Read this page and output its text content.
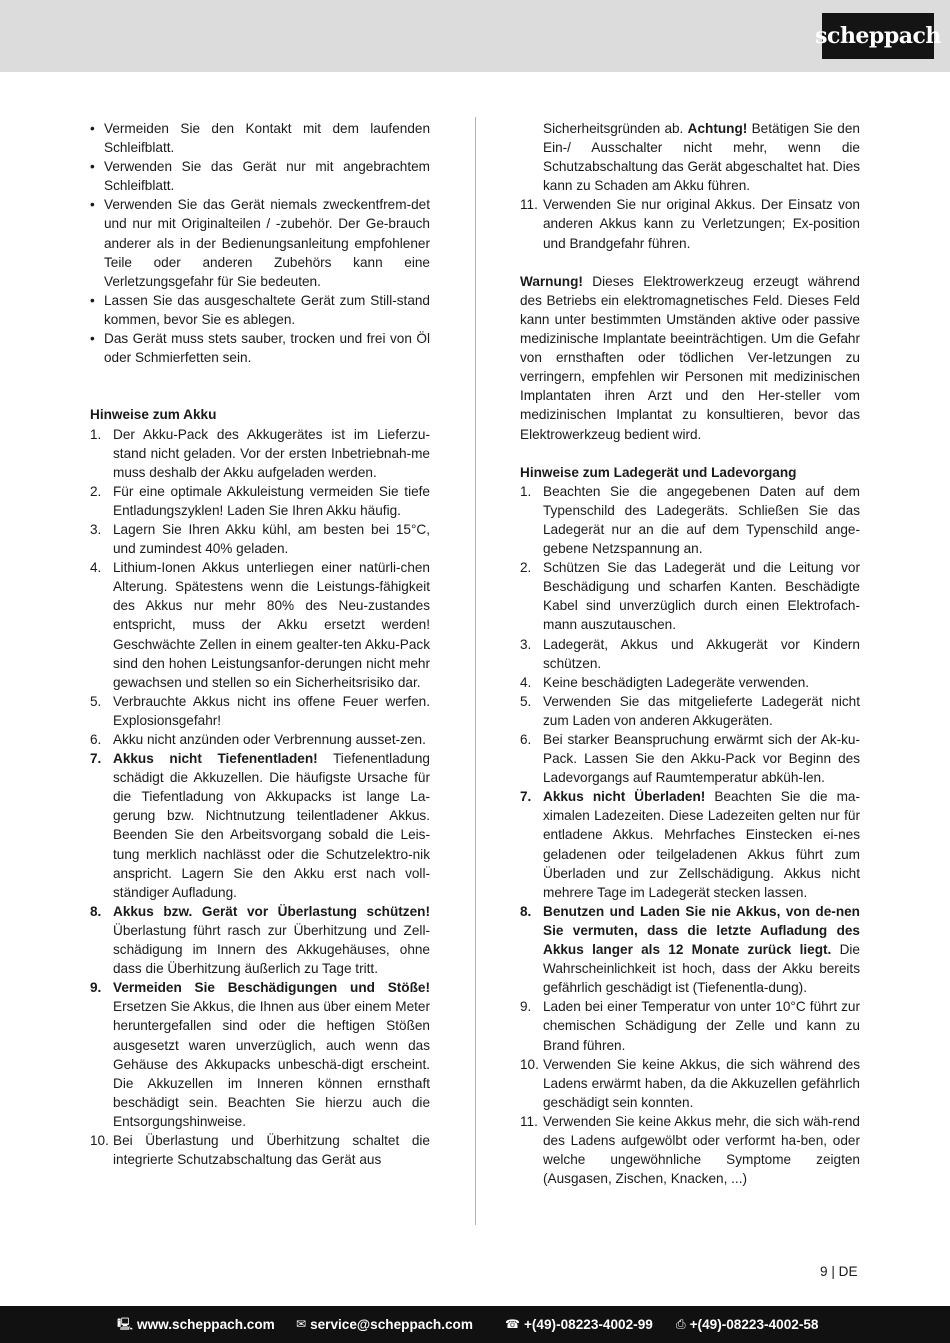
scheppach

• Vermeiden Sie den Kontakt mit dem laufenden Schleifblatt.

• Verwenden Sie das Gerät nur mit angebrachtem Schleifblatt.

• Verwenden Sie das Gerät niemals zweckentfrem-det und nur mit Originalteilen / -zubehör. Der Ge-brauch anderer als in der Bedienungsanleitung empfohlener Teile oder anderen Zubehörs kann eine Verletzungsgefahr für Sie bedeuten.

• Lassen Sie das ausgeschaltete Gerät zum Still-stand kommen, bevor Sie es ablegen.

• Das Gerät muss stets sauber, trocken und frei von Öl oder Schmierfetten sein.

Hinweise zum Akku

1. Der Akku-Pack des Akkugerätes ist im Lieferzu-stand nicht geladen. Vor der ersten Inbetriebnah-me muss deshalb der Akku aufgeladen werden.

2. Für eine optimale Akkuleistung vermeiden Sie tiefe Entladungszyklen! Laden Sie Ihren Akku häufig.

3. Lagern Sie Ihren Akku kühl, am besten bei 15°C, und zumindest 40% geladen.

4. Lithium-Ionen Akkus unterliegen einer natürli-chen Alterung. Spätestens wenn die Leistungs-fähigkeit des Akkus nur mehr 80% des Neu-zustandes entspricht, muss der Akku ersetzt werden! Geschwächte Zellen in einem gealter-ten Akku-Pack sind den hohen Leistungsanfor-derungen nicht mehr gewachsen und stellen so ein Sicherheitsrisiko dar.

5. Verbrauchte Akkus nicht ins offene Feuer werfen. Explosionsgefahr!

6. Akku nicht anzünden oder Verbrennung ausset-zen.

7. Akkus nicht Tiefenentladen! Tiefenentladung schädigt die Akkuzellen. Die häufigste Ursache für die Tiefentladung von Akkupacks ist lange La-gerung bzw. Nichtnutzung teilentladener Akkus. Beenden Sie den Arbeitsvorgang sobald die Leis-tung merklich nachlässt oder die Schutzelektro-nik anspricht. Lagern Sie den Akku erst nach voll-ständiger Aufladung.

8. Akkus bzw. Gerät vor Überlastung schützen! Überlastung führt rasch zur Überhitzung und Zell-schädigung im Innern des Akkugehäuses, ohne dass die Überhitzung äußerlich zu Tage tritt.

9. Vermeiden Sie Beschädigungen und Stöße! Ersetzen Sie Akkus, die Ihnen aus über einem Meter heruntergefallen sind oder die heftigen Stößen ausgesetzt waren unverzüglich, auch wenn das Gehäuse des Akkupacks unbeschä-digt erscheint. Die Akkuzellen im Inneren können ernsthaft beschädigt sein. Beachten Sie hierzu auch die Entsorgungshinweise.

10. Bei Überlastung und Überhitzung schaltet die integrierte Schutzabschaltung das Gerät aus

Sicherheitsgründen ab. Achtung! Betätigen Sie den Ein-/ Ausschalter nicht mehr, wenn die Schutzabschaltung das Gerät abgeschaltet hat. Dies kann zu Schaden am Akku führen.

11. Verwenden Sie nur original Akkus. Der Einsatz von anderen Akkus kann zu Verletzungen; Ex-position und Brandgefahr führen.

Warnung! Dieses Elektrowerkzeug erzeugt während des Betriebs ein elektromagnetisches Feld. Dieses Feld kann unter bestimmten Umständen aktive oder passive medizinische Implantate beeinträchtigen. Um die Gefahr von ernsthaften oder tödlichen Ver-letzungen zu verringern, empfehlen wir Personen mit medizinischen Implantaten ihren Arzt und den Her-steller vom medizinischen Implantat zu konsultieren, bevor das Elektrowerkzeug bedient wird.

Hinweise zum Ladegerät und Ladevorgang

1. Beachten Sie die angegebenen Daten auf dem Typenschild des Ladegeräts. Schließen Sie das Ladegerät nur an die auf dem Typenschild ange-gebene Netzspannung an.

2. Schützen Sie das Ladegerät und die Leitung vor Beschädigung und scharfen Kanten. Beschädigte Kabel sind unverzüglich durch einen Elektrofach-mann auszutauschen.

3. Ladegerät, Akkus und Akkugerät vor Kindern schützen.

4. Keine beschädigten Ladegeräte verwenden.

5. Verwenden Sie das mitgelieferte Ladegerät nicht zum Laden von anderen Akkugeräten.

6. Bei starker Beanspruchung erwärmt sich der Ak-ku-Pack. Lassen Sie den Akku-Pack vor Beginn des Ladevorgangs auf Raumtemperatur abküh-len.

7. Akkus nicht Überladen! Beachten Sie die ma-ximalen Ladezeiten. Diese Ladezeiten gelten nur für entladene Akkus. Mehrfaches Einstecken ei-nes geladenen oder teilgeladenen Akkus führt zum Überladen und zur Zellschädigung. Akkus nicht mehrere Tage im Ladegerät stecken lassen.

8. Benutzen und Laden Sie nie Akkus, von de-nen Sie vermuten, dass die letzte Aufladung des Akkus langer als 12 Monate zurück liegt. Die Wahrscheinlichkeit ist hoch, dass der Akku bereits gefährlich geschädigt ist (Tiefenentla-dung).

9. Laden bei einer Temperatur von unter 10°C führt zur chemischen Schädigung der Zelle und kann zu Brand führen.

10. Verwenden Sie keine Akkus, die sich während des Ladens erwärmt haben, da die Akkuzellen gefährlich geschädigt sein konnten.

11. Verwenden Sie keine Akkus mehr, die sich wäh-rend des Ladens aufgewölbt oder verformt ha-ben, oder welche ungewöhnliche Symptome zeigten (Ausgasen, Zischen, Knacken, ...)

9 | DE
🖳 www.scheppach.com ✉ service@scheppach.com	☎ +(49)-08223-4002-99 ⎙ +(49)-08223-4002-58
